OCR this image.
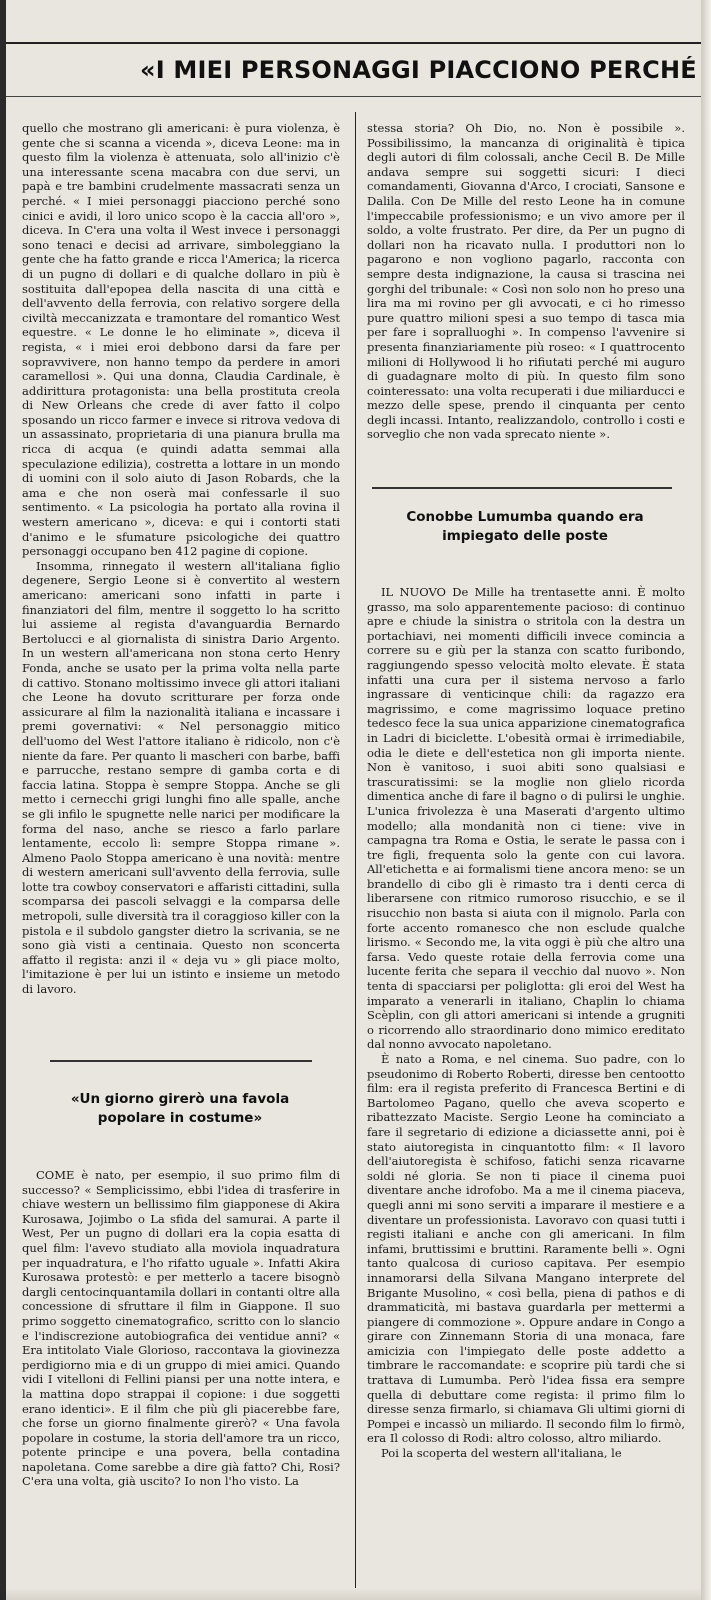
«I MIEI PERSONAGGI PIACCIONO PERCHÉ

quello che mostrano gli americani: è pura violenza, è gente che si scanna a vicenda », diceva Leone: ma in questo film la violenza è attenuata, solo all'inizio c'è una interessante scena macabra con due servi, un papà e tre bambini crudelmente massacrati senza un perché. « I miei personaggi piacciono perché sono cinici e avidi, il loro unico scopo è la caccia all'oro », diceva. In C'era una volta il West invece i personaggi sono tenaci e decisi ad arrivare, simboleggiano la gente che ha fatto grande e ricca l'America; la ricerca di un pugno di dollari e di qualche dollaro in più è sostituita dall'epopea della nascita di una città e dell'avvento della ferrovia, con relativo sorgere della civiltà meccanizzata e tramontare del romantico West equestre. « Le donne le ho eliminate », diceva il regista, « i miei eroi debbono darsi da fare per sopravvivere, non hanno tempo da perdere in amori caramellosi ». Qui una donna, Claudia Cardinale, è addirittura protagonista: una bella prostituta creola di New Orleans che crede di aver fatto il colpo sposando un ricco farmer e invece si ritrova vedova di un assassinato, proprietaria di una pianura brulla ma ricca di acqua (e quindi adatta semmai alla speculazione edilizia), costretta a lottare in un mondo di uomini con il solo aiuto di Jason Robards, che la ama e che non oserà mai confessarle il suo sentimento. « La psicologia ha portato alla rovina il western americano », diceva: e qui i contorti stati d'animo e le sfumature psicologiche dei quattro personaggi occupano ben 412 pagine di copione.

Insomma, rinnegato il western all'italiana figlio degenere, Sergio Leone si è convertito al western americano: americani sono infatti in parte i finanziatori del film, mentre il soggetto lo ha scritto lui assieme al regista d'avanguardia Bernardo Bertolucci e al giornalista di sinistra Dario Argento. In un western all'americana non stona certo Henry Fonda, anche se usato per la prima volta nella parte di cattivo. Stonano moltissimo invece gli attori italiani che Leone ha dovuto scritturare per forza onde assicurare al film la nazionalità italiana e incassare i premi governativi: « Nel personaggio mitico dell'uomo del West l'attore italiano è ridicolo, non c'è niente da fare. Per quanto li mascheri con barbe, baffi e parrucche, restano sempre di gamba corta e di faccia latina. Stoppa è sempre Stoppa. Anche se gli metto i cernecchi grigi lunghi fino alle spalle, anche se gli infilo le spugnette nelle narici per modificare la forma del naso, anche se riesco a farlo parlare lentamente, eccolo lì: sempre Stoppa rimane ». Almeno Paolo Stoppa americano è una novità: mentre di western americani sull'avvento della ferrovia, sulle lotte tra cowboy conservatori e affaristi cittadini, sulla scomparsa dei pascoli selvaggi e la comparsa delle metropoli, sulle diversità tra il coraggioso killer con la pistola e il subdolo gangster dietro la scrivania, se ne sono già visti a centinaia. Questo non sconcerta affatto il regista: anzi il « deja vu » gli piace molto, l'imitazione è per lui un istinto e insieme un metodo di lavoro.

«Un giorno girerò una favola popolare in costume»

COME è nato, per esempio, il suo primo film di successo? « Semplicissimo, ebbi l'idea di trasferire in chiave western un bellissimo film giapponese di Akira Kurosawa, Jojimbo o La sfida del samurai. A parte il West, Per un pugno di dollari era la copia esatta di quel film: l'avevo studiato alla moviola inquadratura per inquadratura, e l'ho rifatto uguale ». Infatti Akira Kurosawa protestò: e per metterlo a tacere bisognò dargli centocinquantamila dollari in contanti oltre alla concessione di sfruttare il film in Giappone. Il suo primo soggetto cinematografico, scritto con lo slancio e l'indiscrezione autobiografica dei ventidue anni? « Era intitolato Viale Glorioso, raccontava la giovinezza perdigiorno mia e di un gruppo di miei amici. Quando vidi I vitelloni di Fellini piansi per una notte intera, e la mattina dopo strappai il copione: i due soggetti erano identici». E il film che più gli piacerebbe fare, che forse un giorno finalmente girerò? « Una favola popolare in costume, la storia dell'amore tra un ricco, potente principe e una povera, bella contadina napoletana. Come sarebbe a dire già fatto? Chi, Rosi? C'era una volta, già uscito? Io non l'ho visto. La

stessa storia? Oh Dio, no. Non è possibile ». Possibilissimo, la mancanza di originalità è tipica degli autori di film colossali, anche Cecil B. De Mille andava sempre sui soggetti sicuri: I dieci comandamenti, Giovanna d'Arco, I crociati, Sansone e Dalila. Con De Mille del resto Leone ha in comune l'impeccabile professionismo; e un vivo amore per il soldo, a volte frustrato. Per dire, da Per un pugno di dollari non ha ricavato nulla. I produttori non lo pagarono e non vogliono pagarlo, racconta con sempre desta indignazione, la causa si trascina nei gorghi del tribunale: « Così non solo non ho preso una lira ma mi rovino per gli avvocati, e ci ho rimesso pure quattro milioni spesi a suo tempo di tasca mia per fare i sopralluoghi ». In compenso l'avvenire si presenta finanziariamente più roseo: « I quattrocento milioni di Hollywood li ho rifiutati perché mi auguro di guadagnare molto di più. In questo film sono cointeressato: una volta recuperati i due miliarducci e mezzo delle spese, prendo il cinquanta per cento degli incassi. Intanto, realizzandolo, controllo i costi e sorveglio che non vada sprecato niente ».

Conobbe Lumumba quando era impiegato delle poste

IL NUOVO De Mille ha trentasette anni. È molto grasso, ma solo apparentemente pacioso: di continuo apre e chiude la sinistra o stritola con la destra un portachiavi, nei momenti difficili invece comincia a correre su e giù per la stanza con scatto furibondo, raggiungendo spesso velocità molto elevate. È stata infatti una cura per il sistema nervoso a farlo ingrassare di venticinque chili: da ragazzo era magrissimo, e come magrissimo loquace pretino tedesco fece la sua unica apparizione cinematografica in Ladri di biciclette. L'obesità ormai è irrimediabile, odia le diete e dell'estetica non gli importa niente. Non è vanitoso, i suoi abiti sono qualsiasi e trascuratissimi: se la moglie non glielo ricorda dimentica anche di fare il bagno o di pulirsi le unghie. L'unica frivolezza è una Maserati d'argento ultimo modello; alla mondanità non ci tiene: vive in campagna tra Roma e Ostia, le serate le passa con i tre figli, frequenta solo la gente con cui lavora. All'etichetta e ai formalismi tiene ancora meno: se un brandello di cibo gli è rimasto tra i denti cerca di liberarsene con ritmico rumoroso risucchio, e se il risucchio non basta si aiuta con il mignolo. Parla con forte accento romanesco che non esclude qualche lirismo. « Secondo me, la vita oggi è più che altro una farsa. Vedo queste rotaie della ferrovia come una lucente ferita che separa il vecchio dal nuovo ». Non tenta di spacciarsi per poliglotta: gli eroi del West ha imparato a venerarli in italiano, Chaplin lo chiama Scèplin, con gli attori americani si intende a grugniti o ricorrendo allo straordinario dono mimico ereditato dal nonno avvocato napoletano.

È nato a Roma, e nel cinema. Suo padre, con lo pseudonimo di Roberto Roberti, diresse ben centootto film: era il regista preferito di Francesca Bertini e di Bartolomeo Pagano, quello che aveva scoperto e ribattezzato Maciste. Sergio Leone ha cominciato a fare il segretario di edizione a diciassette anni, poi è stato aiutoregista in cinquantotto film: « Il lavoro dell'aiutoregista è schifoso, fatichi senza ricavarne soldi né gloria. Se non ti piace il cinema puoi diventare anche idrofobo. Ma a me il cinema piaceva, quegli anni mi sono serviti a imparare il mestiere e a diventare un professionista. Lavoravo con quasi tutti i registi italiani e anche con gli americani. In film infami, bruttissimi e bruttini. Raramente belli ». Ogni tanto qualcosa di curioso capitava. Per esempio innamorarsi della Silvana Mangano interprete del Brigante Musolino, « così bella, piena di pathos e di drammaticità, mi bastava guardarla per mettermi a piangere di commozione ». Oppure andare in Congo a girare con Zinnemann Storia di una monaca, fare amicizia con l'impiegato delle poste addetto a timbrare le raccomandate: e scoprire più tardi che si trattava di Lumumba. Però l'idea fissa era sempre quella di debuttare come regista: il primo film lo diresse senza firmarlo, si chiamava Gli ultimi giorni di Pompei e incassò un miliardo. Il secondo film lo firmò, era Il colosso di Rodi: altro colosso, altro miliardo.

Poi la scoperta del western all'italiana, le
